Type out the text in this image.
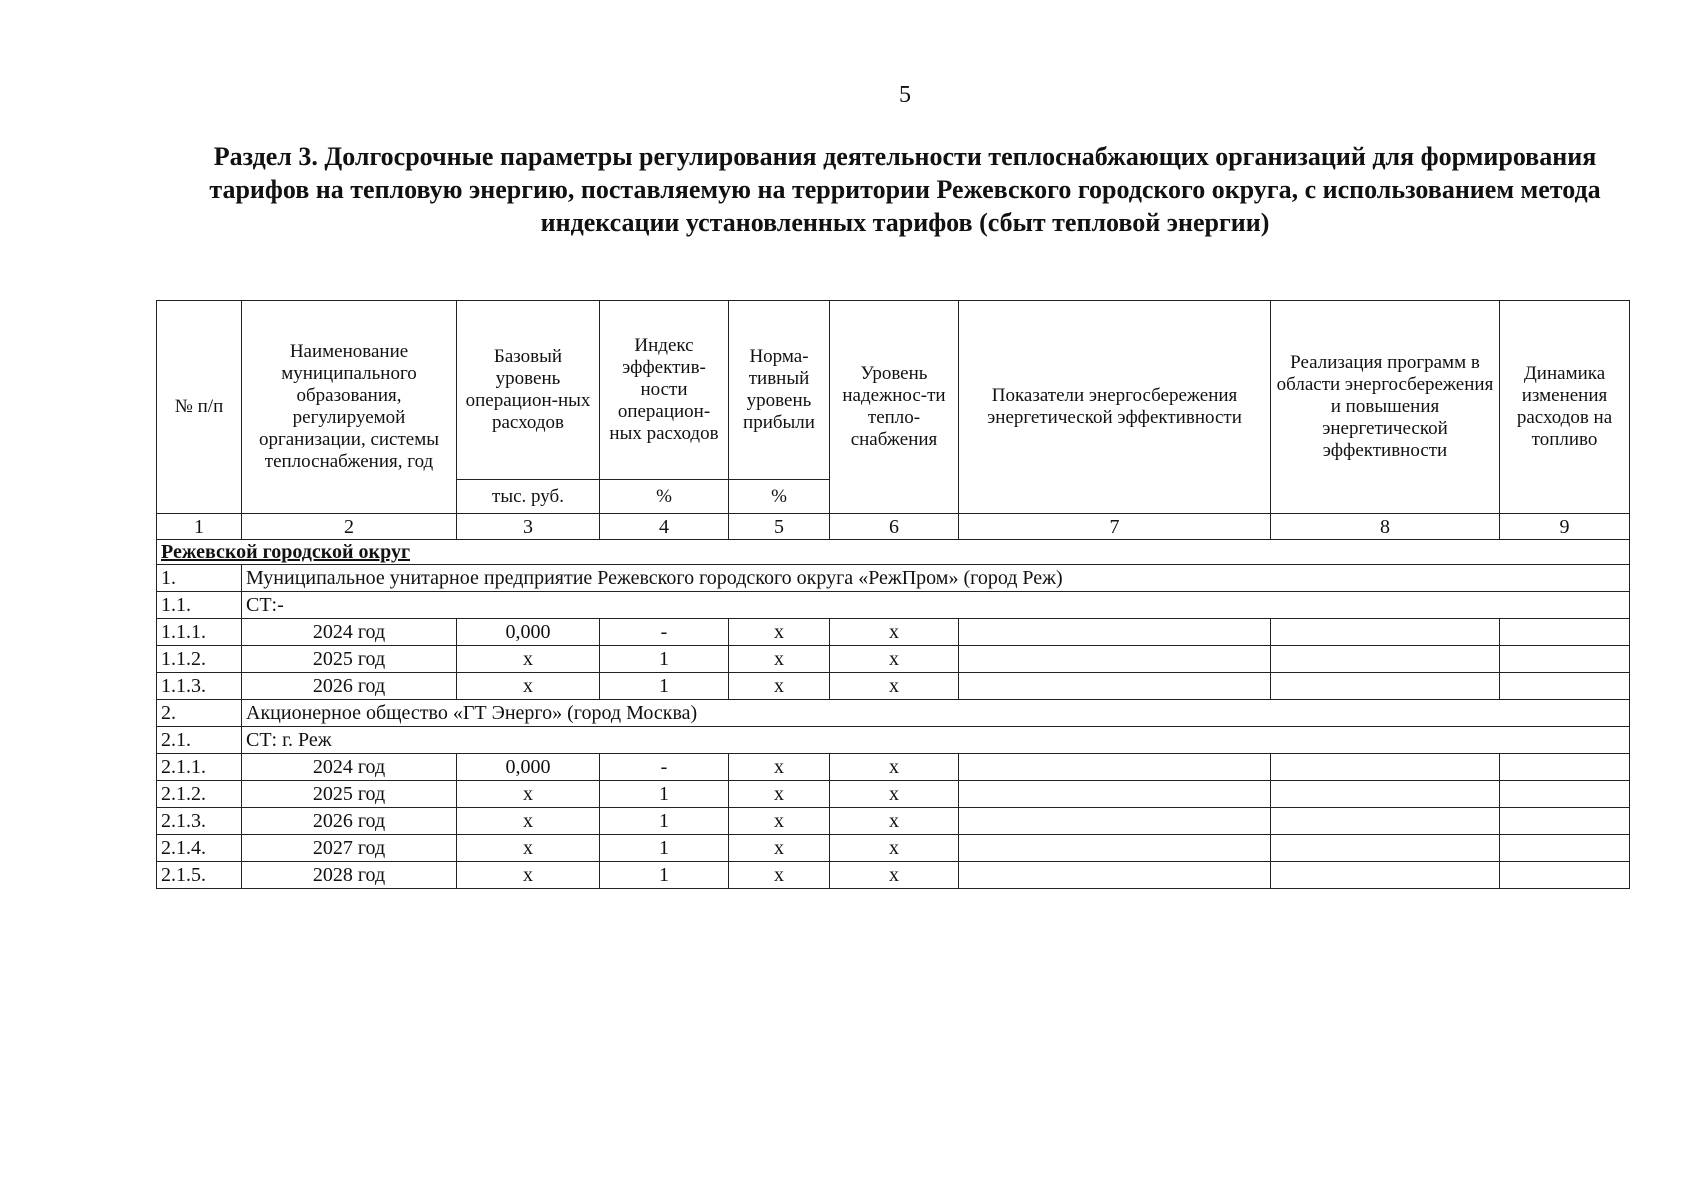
5
Раздел 3. Долгосрочные параметры регулирования деятельности теплоснабжающих организаций для формирования тарифов на тепловую энергию, поставляемую на территории Режевского городского округа, с использованием метода индексации установленных тарифов (сбыт тепловой энергии)
№ п/п	Наименование муниципального образования, регулируемой организации, системы теплоснабжения, год	Базовый уровень операцион-ных расходов	Индекс эффектив-ности операцион-ных расходов	Норма-тивный уровень прибыли	Уровень надежнос-ти тепло-снабжения	Показатели энергосбережения энергетической эффективности	Реализация программ в области энергосбережения и повышения энергетической эффективности	Динамика изменения расходов на топливо
		тыс. руб.	%	%				
1	2	3	4	5	6	7	8	9
Режевской городской округ								
1.	Муниципальное унитарное предприятие Режевского городского округа «РежПром» (город Реж)							
1.1.	СТ:-							
1.1.1.	2024 год	0,000	-	x	x			
1.1.2.	2025 год	x	1	x	x			
1.1.3.	2026 год	x	1	x	x			
2.	Акционерное общество «ГТ Энерго» (город Москва)							
2.1.	СТ: г. Реж							
2.1.1.	2024 год	0,000	-	x	x			
2.1.2.	2025 год	x	1	x	x			
2.1.3.	2026 год	x	1	x	x			
2.1.4.	2027 год	x	1	x	x			
2.1.5.	2028 год	x	1	x	x			
